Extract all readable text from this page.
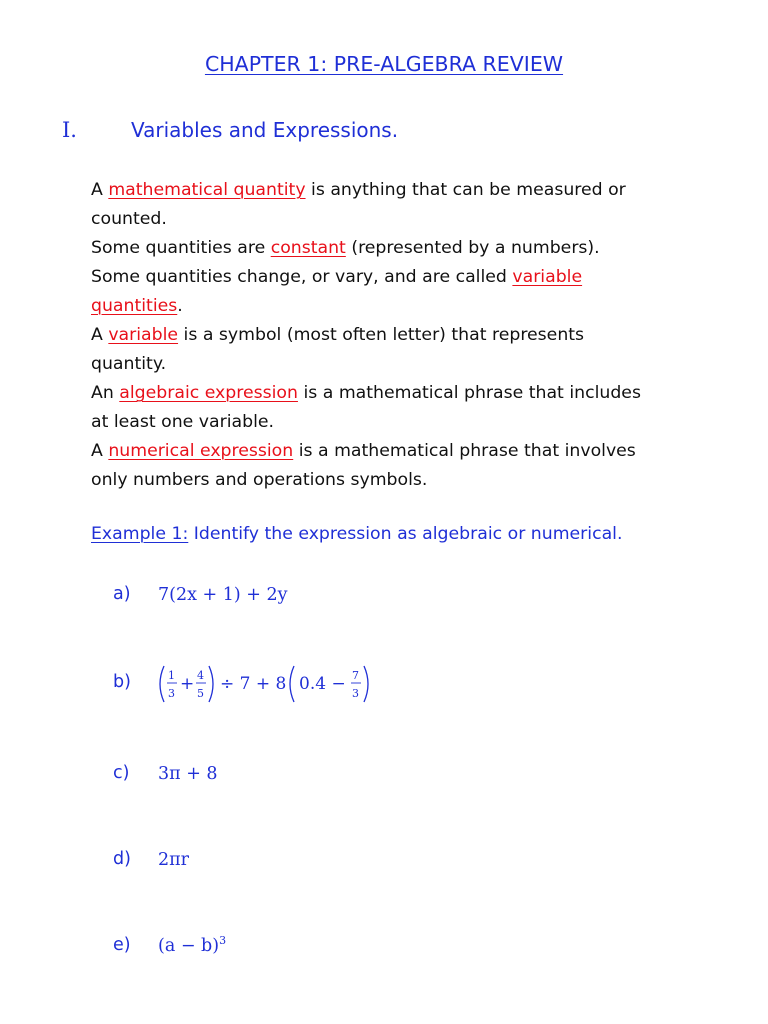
CHAPTER 1: PRE-ALGEBRA REVIEW
I.	Variables and Expressions.
A mathematical quantity is anything that can be measured or
counted.
Some quantities are constant (represented by a numbers).
Some quantities change, or vary, and are called variable
quantities.
A variable is a symbol (most often letter) that represents
quantity.
An algebraic expression is a mathematical phrase that includes
at least one variable.
A numerical expression is a mathematical phrase that involves
only numbers and operations symbols.
Example 1: Identify the expression as algebraic or numerical.
a) 7(2x + 1) + 2y
b)	1
3 + 4
5 ÷ 7 + 8 0.4 − 7
3
c) 3π + 8
d) 2πr
e) $(a - b)^3$
